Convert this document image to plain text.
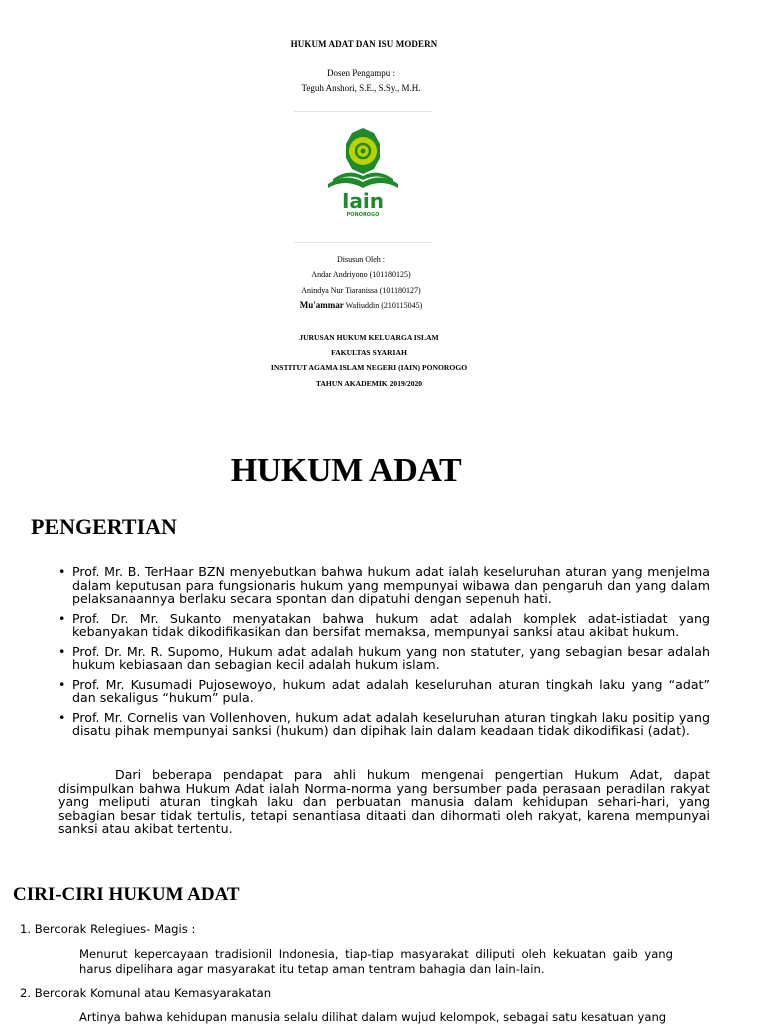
HUKUM ADAT DAN ISU MODERN
Dosen Pengampu :
Teguh Anshori, S.E., S.Sy., M.H.
Iain
PONOROGO
Disusun Oleh :
Andar Andriyono (101180125)
Anindya Nur Tiaranissa (101180127)
Mu'ammar Wafiuddin (210115045)
JURUSAN HUKUM KELUARGA ISLAM
FAKULTAS SYARIAH
INSTITUT AGAMA ISLAM NEGERI (IAIN) PONOROGO
TAHUN AKADEMIK 2019/2020
HUKUM ADAT
PENGERTIAN
• Prof. Mr. B. TerHaar BZN menyebutkan bahwa hukum adat ialah keseluruhan aturan yang menjelma dalam keputusan para fungsionaris hukum yang mempunyai wibawa dan pengaruh dan yang dalam pelaksanaannya berlaku secara spontan dan dipatuhi dengan sepenuh hati.
• Prof. Dr. Mr. Sukanto menyatakan bahwa hukum adat adalah komplek adat-istiadat yang kebanyakan tidak dikodifikasikan dan bersifat memaksa, mempunyai sanksi atau akibat hukum.
• Prof. Dr. Mr. R. Supomo, Hukum adat adalah hukum yang non statuter, yang sebagian besar adalah hukum kebiasaan dan sebagian kecil adalah hukum islam.
• Prof. Mr. Kusumadi Pujosewoyo, hukum adat adalah keseluruhan aturan tingkah laku yang “adat” dan sekaligus “hukum” pula.
• Prof. Mr. Cornelis van Vollenhoven, hukum adat adalah keseluruhan aturan tingkah laku positip yang disatu pihak mempunyai sanksi (hukum) dan dipihak lain dalam keadaan tidak dikodifikasi (adat).

Dari beberapa pendapat para ahli hukum mengenai pengertian Hukum Adat, dapat disimpulkan bahwa Hukum Adat ialah Norma-norma yang bersumber pada perasaan peradilan rakyat yang meliputi aturan tingkah laku dan perbuatan manusia dalam kehidupan sehari-hari, yang sebagian besar tidak tertulis, tetapi senantiasa ditaati dan dihormati oleh rakyat, karena mempunyai sanksi atau akibat tertentu.

CIRI-CIRI HUKUM ADAT
1. Bercorak Relegiues- Magis :

Menurut kepercayaan tradisionil Indonesia, tiap-tiap masyarakat diliputi oleh kekuatan gaib yang harus dipelihara agar masyarakat itu tetap aman tentram bahagia dan lain-lain.

2. Bercorak Komunal atau Kemasyarakatan

Artinya bahwa kehidupan manusia selalu dilihat dalam wujud kelompok, sebagai satu kesatuan yang
